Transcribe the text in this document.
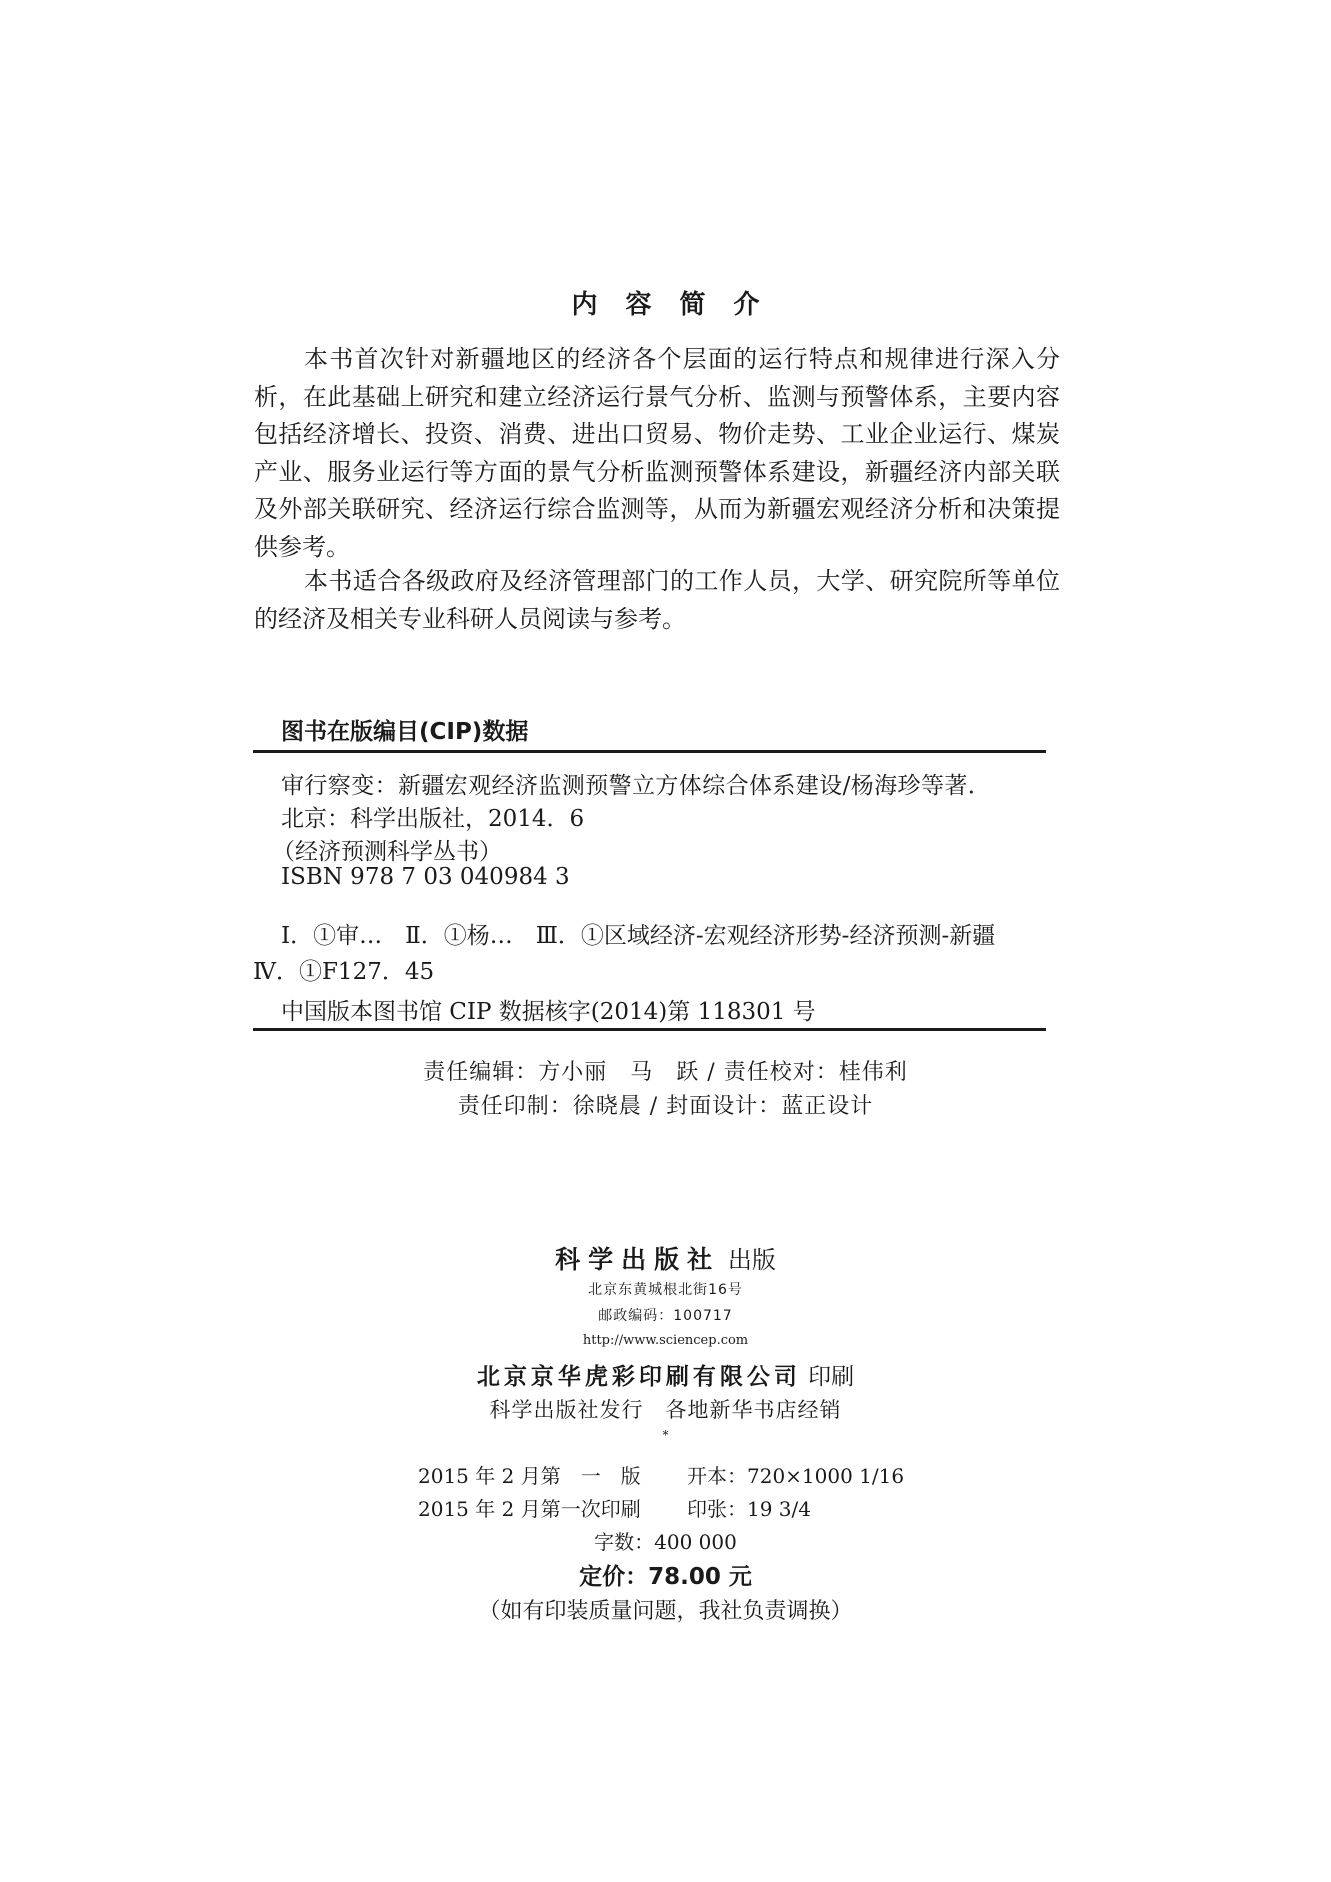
内容简介

本书首次针对新疆地区的经济各个层面的运行特点和规律进行深入分析，在此基础上研究和建立经济运行景气分析、监测与预警体系，主要内容包括经济增长、投资、消费、进出口贸易、物价走势、工业企业运行、煤炭产业、服务业运行等方面的景气分析监测预警体系建设，新疆经济内部关联及外部关联研究、经济运行综合监测等，从而为新疆宏观经济分析和决策提供参考。

本书适合各级政府及经济管理部门的工作人员，大学、研究院所等单位的经济及相关专业科研人员阅读与参考。

图书在版编目(CIP)数据
审行察变：新疆宏观经济监测预警立方体综合体系建设/杨海珍等著．
北京：科学出版社，2014．6
（经济预测科学丛书）
ISBN 978 7 03 040984 3
Ⅰ．①审…　Ⅱ．①杨…　Ⅲ．①区域经济-宏观经济形势-经济预测-新疆
Ⅳ．①F127．45
中国版本图书馆 CIP 数据核字(2014)第 118301 号
责任编辑：方小丽　马　跃 / 责任校对：桂伟利
责任印制：徐晓晨 / 封面设计：蓝正设计
科学出版社 出版
北京东黄城根北街16号
邮政编码：100717
http://www.sciencep.com
北京京华虎彩印刷有限公司 印刷
科学出版社发行　各地新华书店经销
*
2015 年 2 月第　一　版 开本：720×1000 1/16
2015 年 2 月第一次印刷 印张：19 3/4
字数：400 000
定价：78.00 元
（如有印装质量问题，我社负责调换）
